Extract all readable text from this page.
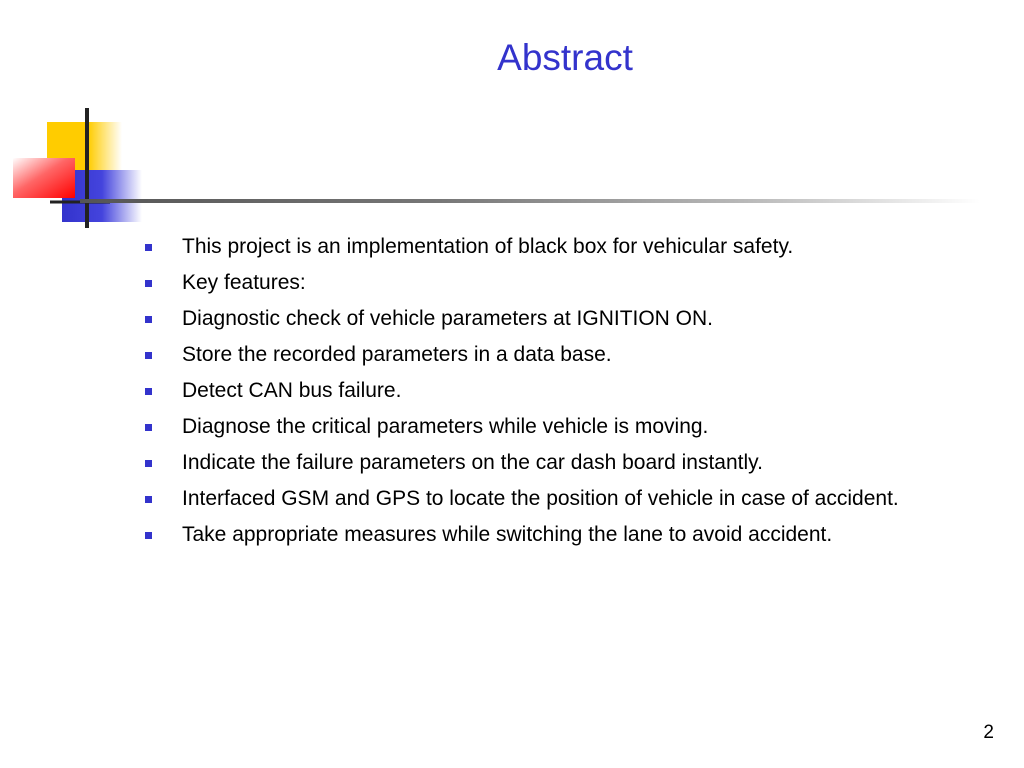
Abstract
This project is an implementation of black box for vehicular safety.
Key features:
Diagnostic check of vehicle parameters at IGNITION ON.
Store the recorded parameters in a data base.
Detect CAN bus failure.
Diagnose the critical parameters while vehicle is moving.
Indicate the failure parameters on the car dash board instantly.
Interfaced GSM and GPS to locate the position of vehicle in case of accident.
Take appropriate measures while switching the lane to avoid accident.
2
